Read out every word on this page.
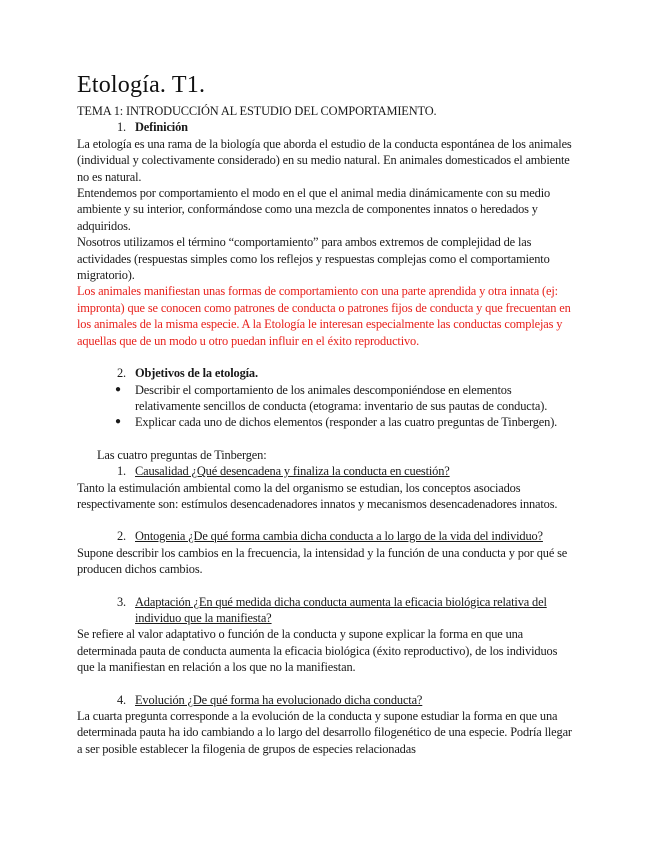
Etología. T1.

TEMA 1: INTRODUCCIÓN AL ESTUDIO DEL COMPORTAMIENTO.

1. Definición

La etología es una rama de la biología que aborda el estudio de la conducta espontánea de los animales (individual y colectivamente considerado) en su medio natural. En animales domesticados el ambiente no es natural.

Entendemos por comportamiento el modo en el que el animal media dinámicamente con su medio ambiente y su interior, conformándose como una mezcla de componentes innatos o heredados y adquiridos.

Nosotros utilizamos el término “comportamiento” para ambos extremos de complejidad de las actividades (respuestas simples como los reflejos y respuestas complejas como el comportamiento migratorio).

Los animales manifiestan unas formas de comportamiento con una parte aprendida y otra innata (ej: impronta) que se conocen como patrones de conducta o patrones fijos de conducta y que frecuentan en los animales de la misma especie. A la Etología le interesan especialmente las conductas complejas y aquellas que de un modo u otro puedan influir en el éxito reproductivo.

2. Objetivos de la etología.
●	Describir el comportamiento de los animales descomponiéndose en elementos relativamente sencillos de conducta (etograma: inventario de sus pautas de conducta).
●	Explicar cada uno de dichos elementos (responder a las cuatro preguntas de Tinbergen).

Las cuatro preguntas de Tinbergen:

1. Causalidad ¿Qué desencadena y finaliza la conducta en cuestión?

Tanto la estimulación ambiental como la del organismo se estudian, los conceptos asociados respectivamente son: estímulos desencadenadores innatos y mecanismos desencadenadores innatos.

2. Ontogenia ¿De qué forma cambia dicha conducta a lo largo de la vida del individuo?

Supone describir los cambios en la frecuencia, la intensidad y la función de una conducta y por qué se producen dichos cambios.

3. Adaptación ¿En qué medida dicha conducta aumenta la eficacia biológica relativa del individuo que la manifiesta?

Se refiere al valor adaptativo o función de la conducta y supone explicar la forma en que una determinada pauta de conducta aumenta la eficacia biológica (éxito reproductivo), de los individuos que la manifiestan en relación a los que no la manifiestan.

4. Evolución ¿De qué forma ha evolucionado dicha conducta?

La cuarta pregunta corresponde a la evolución de la conducta y supone estudiar la forma en que una determinada pauta ha ido cambiando a lo largo del desarrollo filogenético de una especie. Podría llegar a ser posible establecer la filogenia de grupos de especies relacionadas
